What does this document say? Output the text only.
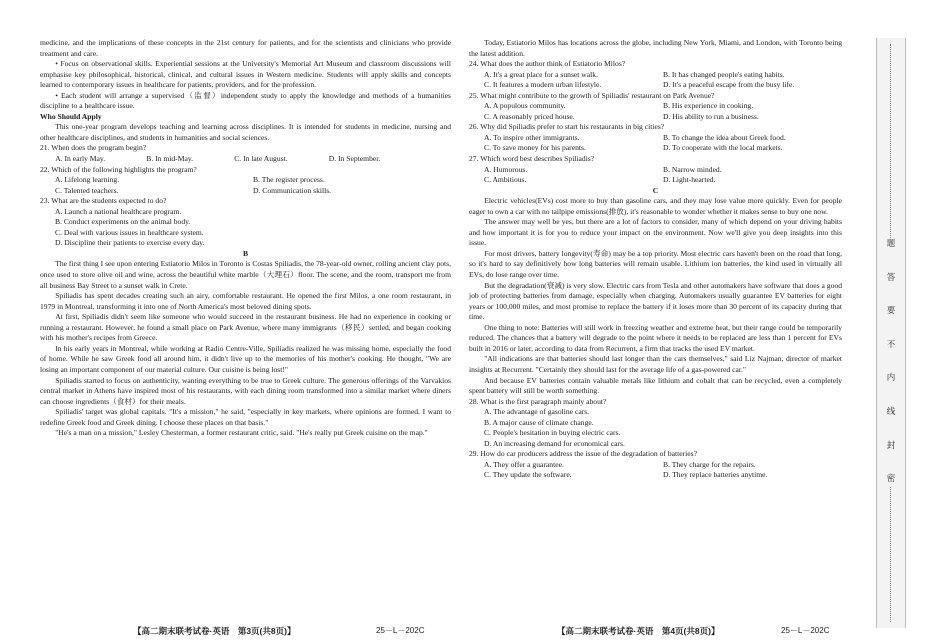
medicine, and the implications of these concepts in the 21st century for patients, and for the scientists and clinicians who provide treatment and care.

• Focus on observational skills. Experiential sessions at the University's Memorial Art Museum and classroom discussions will emphasise key philosophical, historical, clinical, and cultural issues in Western medicine. Students will apply skills and concepts learned to contemporary issues in healthcare for patients, providers, and for the profession.

• Each student will arrange a supervised（监督）independent study to apply the knowledge and methods of a humanities discipline to a healthcare issue.

Who Should Apply

This one-year program develops teaching and learning across disciplines. It is intended for students in medicine, nursing and other healthcare disciplines, and students in humanities and social sciences.

21. When does the program begin?

A. In early May.	B. In mid-May.	C. In late August.	D. In September.

22. Which of the following highlights the program?

A. Lifelong learning.	B. The register process.
C. Talented teachers.	D. Communication skills.

23. What are the students expected to do?

A. Launch a national healthcare program.

B. Conduct experiments on the animal body.

C. Deal with various issues in healthcare system.

D. Discipline their patients to exercise every day.

B

The first thing I see upon entering Estiatorio Milos in Toronto is Costas Spiliadis, the 78-year-old owner, rolling ancient clay pots, once used to store olive oil and wine, across the beautiful white marble（大理石）floor. The scene, and the room, transport me from all business Bay Street to a sunset walk in Crete.

Spiliadis has spent decades creating such an airy, comfortable restaurant. He opened the first Milos, a one room restaurant, in 1979 in Montreal, transforming it into one of North America's most beloved dining spots.

At first, Spiliadis didn't seem like someone who would succeed in the restaurant business. He had no experience in cooking or running a restaurant. However, he found a small place on Park Avenue, where many immigrants（移民）settled, and began cooking with his mother's recipes from Greece.

In his early years in Montreal, while working at Radio Centre-Ville, Spiliadis realized he was missing home, especially the food of home. While he saw Greek food all around him, it didn't live up to the memories of his mother's cooking. He thought, "We are losing an important component of our material culture. Our cuisine is being lost!"

Spiliadis started to focus on authenticity, wanting everything to be true to Greek culture. The generous offerings of the Varvakios central market in Athens have inspired most of his restaurants, with each dining room transformed into a similar market where diners can choose ingredients（食材）for their meals.

Spiliadis' target was global capitals. "It's a mission," he said, "especially in key markets, where opinions are formed. I want to redefine Greek food and Greek dining. I choose these places on that basis."

"He's a man on a mission," Lesley Chesterman, a former restaurant critic, said. "He's really put Greek cuisine on the map."

【高二期末联考试卷·英语　第3页(共8页)】	25－L－202C

Today, Estiatorio Milos has locations across the globe, including New York, Miami, and London, with Toronto being the latest addition.

24. What does the author think of Estiatorio Milos?

A. It's a great place for a sunset walk.	B. It has changed people's eating habits.
C. It features a modern urban lifestyle.	D. It's a peaceful escape from the busy life.

25. What might contribute to the growth of Spiliadis' restaurant on Park Avenue?

A. A populous community.	B. His experience in cooking.
C. A reasonably priced house.	D. His ability to run a business.

26. Why did Spiliadis prefer to start his restaurants in big cities?

A. To inspire other immigrants.	B. To change the idea about Greek food.
C. To save money for his parents.	D. To cooperate with the local markets.

27. Which word best describes Spiliadis?

A. Humorous.	B. Narrow minded.
C. Ambitious.	D. Light-hearted.

C

Electric vehicles(EVs) cost more to buy than gasoline cars, and they may lose value more quickly. Even for people eager to own a car with no tailpipe emissions(排放), it's reasonable to wonder whether it makes sense to buy one now.

The answer may well be yes, but there are a lot of factors to consider, many of which depend on your driving habits and how important it is for you to reduce your impact on the environment. Now we'll give you deep insights into this issue.

For most drivers, battery longevity(寿命) may be a top priority. Most electric cars haven't been on the road that long, so it's hard to say definitively how long batteries will remain usable. Lithium ion batteries, the kind used in virtually all EVs, do lose range over time.

But the degradation(衰减) is very slow. Electric cars from Tesla and other automakers have software that does a good job of protecting batteries from damage, especially when charging. Automakers usually guarantee EV batteries for eight years or 100,000 miles, and most promise to replace the battery if it loses more than 30 percent of its capacity during that time.

One thing to note: Batteries will still work in freezing weather and extreme heat, but their range could be temporarily reduced. The chances that a battery will degrade to the point where it needs to be replaced are less than 1 percent for EVs built in 2016 or later, according to data from Recurrent, a firm that tracks the used EV market.

"All indications are that batteries should last longer than the cars themselves," said Liz Najman, director of market insights at Recurrent. "Certainly they should last for the average life of a gas-powered car."

And because EV batteries contain valuable metals like lithium and cobalt that can be recycled, even a completely spent battery will still be worth something.

28. What is the first paragraph mainly about?

A. The advantage of gasoline cars.

B. A major cause of climate change.

C. People's hesitation in buying electric cars.

D. An increasing demand for economical cars.

29. How do car producers address the issue of the degradation of batteries?

A. They offer a guarantee.	B. They charge for the repairs.
C. They update the software.	D. They replace batteries anytime.
【高二期末联考试卷·英语　第4页(共8页)】	25－L－202C
题
答
要
不
内
线
封
密
